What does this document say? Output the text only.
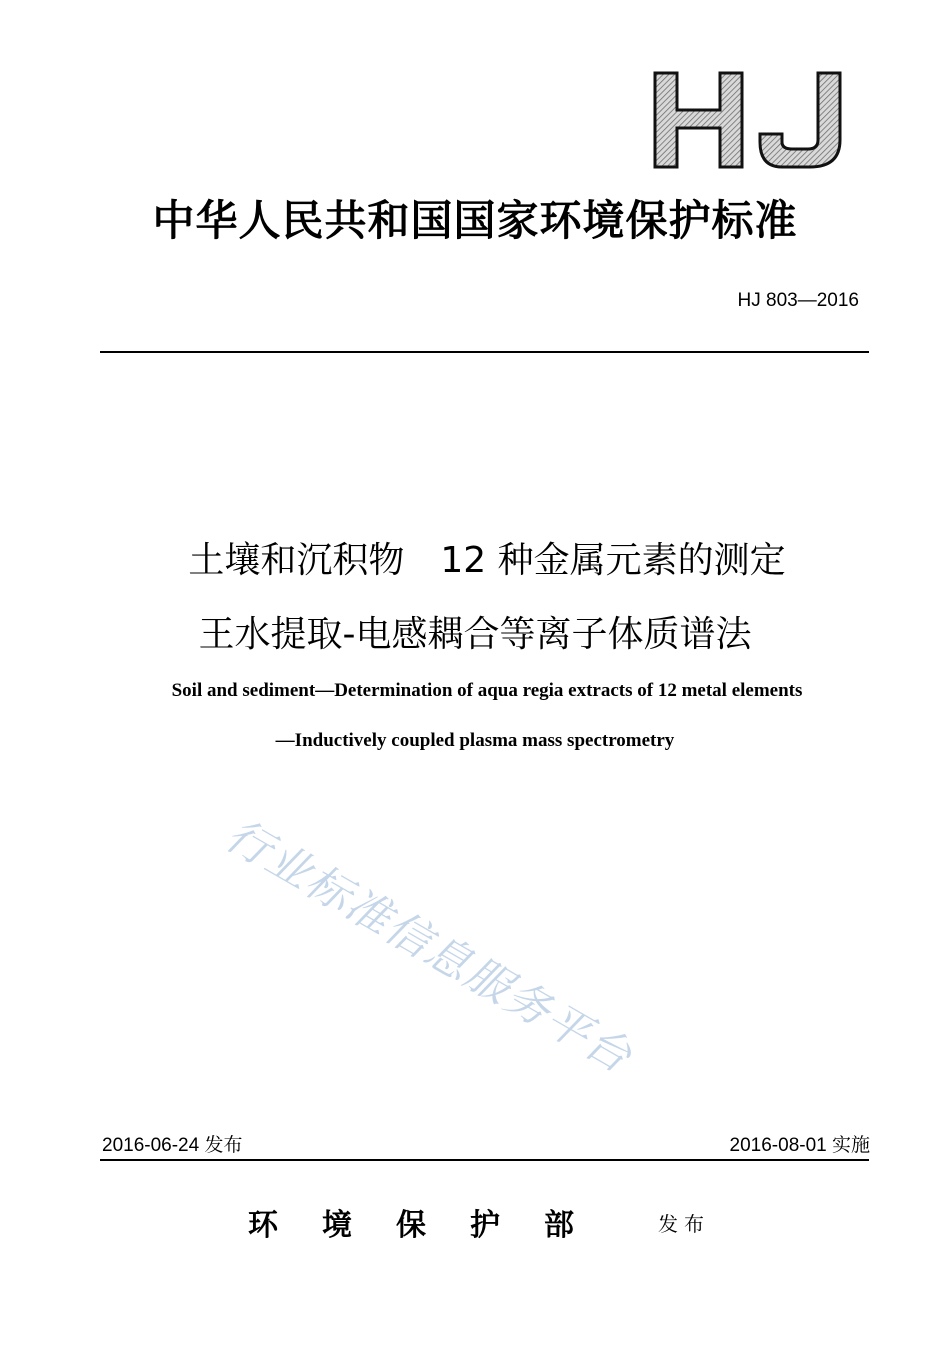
中华人民共和国国家环境保护标准
HJ 803—2016
土壤和沉积物　12 种金属元素的测定
王水提取-电感耦合等离子体质谱法
Soil and sediment—Determination of aqua regia extracts of 12 metal elements
—Inductively coupled plasma mass spectrometry
行业标准信息服务平台
2016-06-24 发布	2016-08-01 实施
环境保护部 发布
